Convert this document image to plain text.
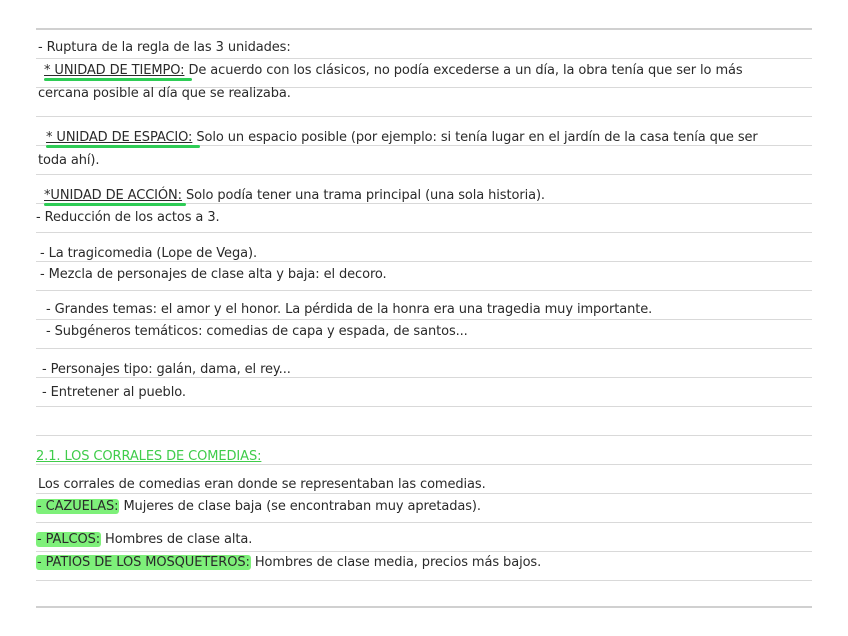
- Ruptura de la regla de las 3 unidades:
* UNIDAD DE TIEMPO: De acuerdo con los clásicos, no podía excederse a un día, la obra tenía que ser lo más
cercana posible al día que se realizaba.
* UNIDAD DE ESPACIO: Solo un espacio posible (por ejemplo: si tenía lugar en el jardín de la casa tenía que ser
toda ahí).
*UNIDAD DE ACCIÓN: Solo podía tener una trama principal (una sola historia).
- Reducción de los actos a 3.
- La tragicomedia (Lope de Vega).
- Mezcla de personajes de clase alta y baja: el decoro.
- Grandes temas: el amor y el honor. La pérdida de la honra era una tragedia muy importante.
- Subgéneros temáticos: comedias de capa y espada, de santos...
- Personajes tipo: galán, dama, el rey...
- Entretener al pueblo.
2.1. LOS CORRALES DE COMEDIAS:
Los corrales de comedias eran donde se representaban las comedias.
- CAZUELAS: Mujeres de clase baja (se encontraban muy apretadas).
- PALCOS: Hombres de clase alta.
- PATIOS DE LOS MOSQUETEROS: Hombres de clase media, precios más bajos.
